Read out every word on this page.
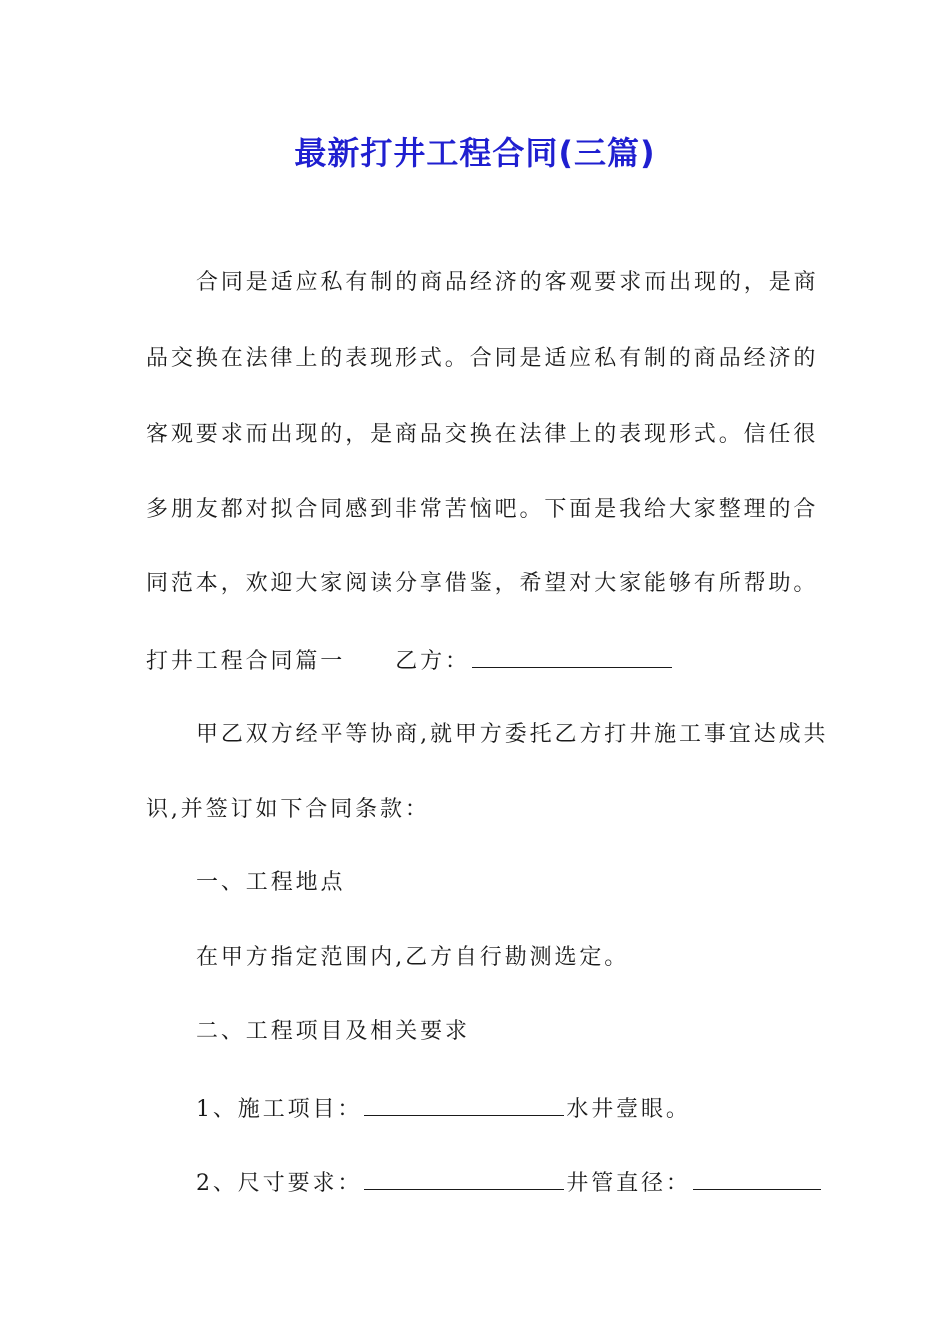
最新打井工程合同(三篇)
合同是适应私有制的商品经济的客观要求而出现的，是商
品交换在法律上的表现形式。合同是适应私有制的商品经济的
客观要求而出现的，是商品交换在法律上的表现形式。信任很
多朋友都对拟合同感到非常苦恼吧。下面是我给大家整理的合
同范本，欢迎大家阅读分享借鉴，希望对大家能够有所帮助。
打井工程合同篇一 乙方：
甲乙双方经平等协商,就甲方委托乙方打井施工事宜达成共
识,并签订如下合同条款：
一、工程地点
在甲方指定范围内,乙方自行勘测选定。
二、工程项目及相关要求
1、施工项目：	水井壹眼。
2、尺寸要求：	井管直径：
